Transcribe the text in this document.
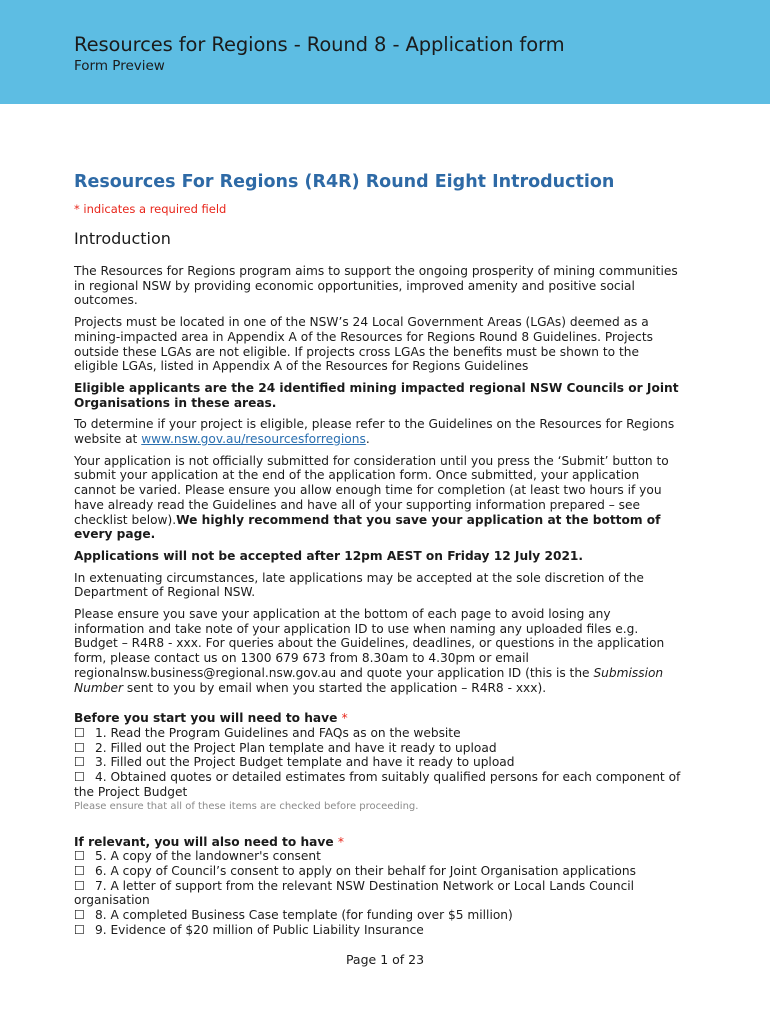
Resources for Regions - Round 8 - Application form
Form Preview
Resources For Regions (R4R) Round Eight Introduction
* indicates a required field
Introduction

The Resources for Regions program aims to support the ongoing prosperity of mining communities in regional NSW by providing economic opportunities, improved amenity and positive social outcomes.

Projects must be located in one of the NSW’s 24 Local Government Areas (LGAs) deemed as a mining-impacted area in Appendix A of the Resources for Regions Round 8 Guidelines. Projects outside these LGAs are not eligible. If projects cross LGAs the benefits must be shown to the eligible LGAs, listed in Appendix A of the Resources for Regions Guidelines

Eligible applicants are the 24 identified mining impacted regional NSW Councils or Joint Organisations in these areas.

To determine if your project is eligible, please refer to the Guidelines on the Resources for Regions website at www.nsw.gov.au/resourcesforregions.

Your application is not officially submitted for consideration until you press the ‘Submit’ button to submit your application at the end of the application form. Once submitted, your application cannot be varied. Please ensure you allow enough time for completion (at least two hours if you have already read the Guidelines and have all of your supporting information prepared – see checklist below).We highly recommend that you save your application at the bottom of every page.

Applications will not be accepted after 12pm AEST on Friday 12 July 2021.

In extenuating circumstances, late applications may be accepted at the sole discretion of the Department of Regional NSW.

Please ensure you save your application at the bottom of each page to avoid losing any information and take note of your application ID to use when naming any uploaded files e.g. Budget – R4R8 - xxx. For queries about the Guidelines, deadlines, or questions in the application form, please contact us on 1300 679 673 from 8.30am to 4.30pm or email regionalnsw.business@regional.nsw.gov.au and quote your application ID (this is the Submission Number sent to you by email when you started the application – R4R8 - xxx).

Before you start you will need to have *
☐ 1. Read the Program Guidelines and FAQs as on the website
☐ 2. Filled out the Project Plan template and have it ready to upload
☐ 3. Filled out the Project Budget template and have it ready to upload
☐ 4. Obtained quotes or detailed estimates from suitably qualified persons for each component of the Project Budget
Please ensure that all of these items are checked before proceeding.
If relevant, you will also need to have *
☐ 5. A copy of the landowner's consent
☐ 6. A copy of Council’s consent to apply on their behalf for Joint Organisation applications
☐ 7. A letter of support from the relevant NSW Destination Network or Local Lands Council organisation
☐ 8. A completed Business Case template (for funding over $5 million)
☐ 9. Evidence of $20 million of Public Liability Insurance
Page 1 of 23
